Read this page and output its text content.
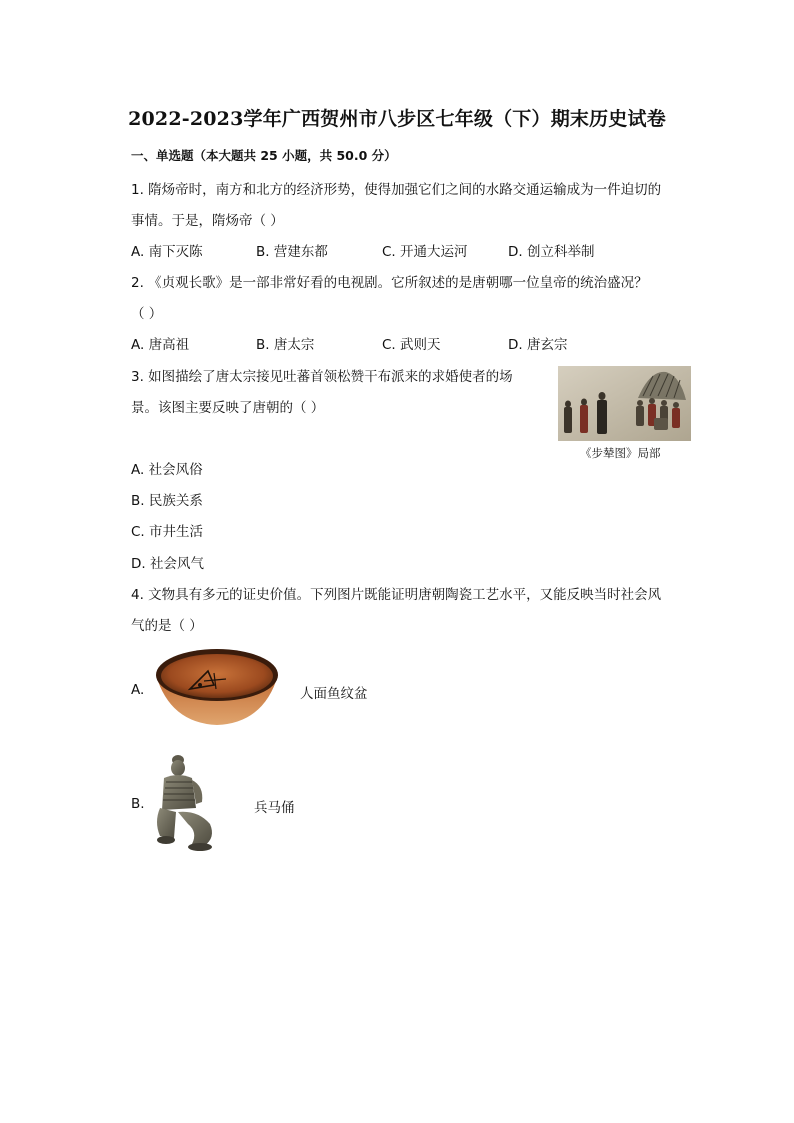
2022-2023学年广西贺州市八步区七年级（下）期末历史试卷
一、单选题（本大题共 25 小题，共 50.0 分）
1. 隋炀帝时，南方和北方的经济形势，使得加强它们之间的水路交通运输成为一件迫切的
事情。于是，隋炀帝（ ）
A. 南下灭陈	B. 营建东都	C. 开通大运河	D. 创立科举制
2. 《贞观长歌》是一部非常好看的电视剧。它所叙述的是唐朝哪一位皇帝的统治盛况？
（ ）
A. 唐高祖	B. 唐太宗	C. 武则天	D. 唐玄宗
3. 如图描绘了唐太宗接见吐蕃首领松赞干布派来的求婚使者的场
景。该图主要反映了唐朝的（ ）
《步辇图》局部
A. 社会风俗
B. 民族关系
C. 市井生活
D. 社会风气
4. 文物具有多元的证史价值。下列图片既能证明唐朝陶瓷工艺水平，又能反映当时社会风
气的是（ ）
A.	人面鱼纹盆
B.	兵马俑
